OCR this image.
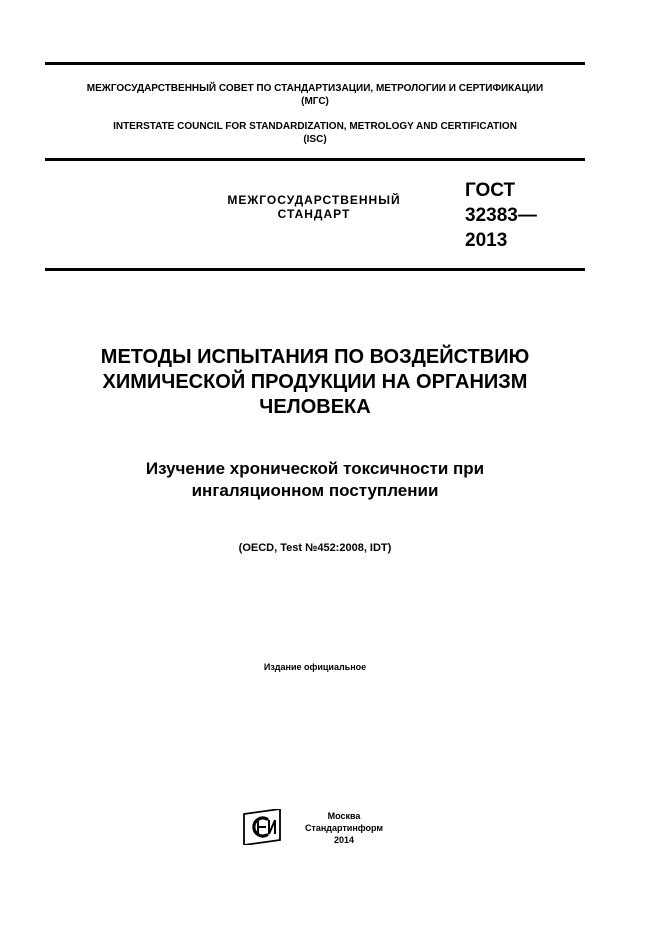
МЕЖГОСУДАРСТВЕННЫЙ СОВЕТ ПО СТАНДАРТИЗАЦИИ, МЕТРОЛОГИИ И СЕРТИФИКАЦИИ
(МГС)
INTERSTATE COUNCIL FOR STANDARDIZATION, METROLOGY AND CERTIFICATION
(ISC)
МЕЖГОСУДАРСТВЕННЫЙ
СТАНДАРТ
ГОСТ
32383—
2013
МЕТОДЫ ИСПЫТАНИЯ ПО ВОЗДЕЙСТВИЮ
ХИМИЧЕСКОЙ ПРОДУКЦИИ НА ОРГАНИЗМ
ЧЕЛОВЕКА
Изучение хронической токсичности при
ингаляционном поступлении
(OECD, Test №452:2008, IDT)
Издание официальное
Москва
Стандартинформ
2014
